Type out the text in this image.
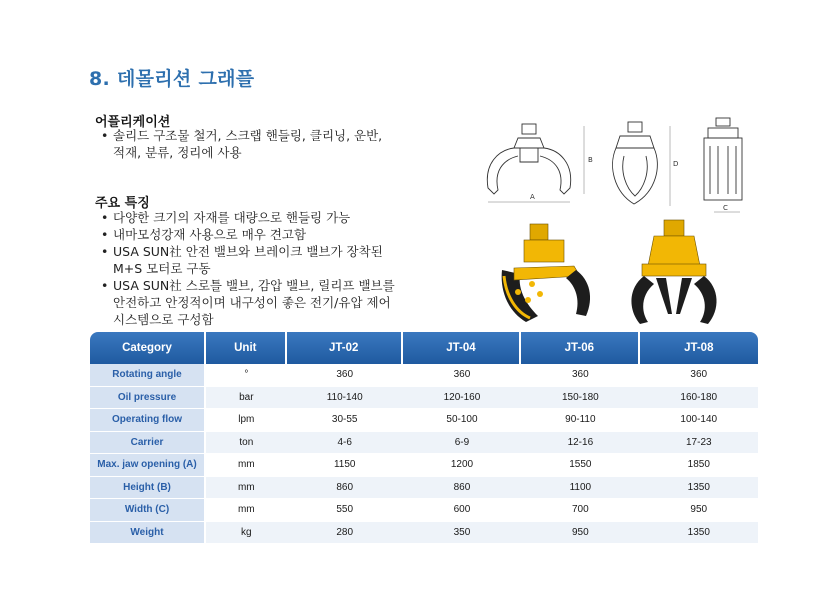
8. 데몰리션 그래플
어플리케이션
• 솔리드 구조물 철거, 스크랩 핸들링, 클리닝, 운반,
적재, 분류, 정리에 사용
주요 특징
• 다양한 크기의 자재를 대량으로 핸들링 가능
• 내마모성강재 사용으로 매우 견고함
• USA SUN社 안전 밸브와 브레이크 밸브가 장착된
M+S 모터로 구동
• USA SUN社 스로틀 밸브, 감압 밸브, 릴리프 밸브를
안전하고 안정적이며 내구성이 좋은 전기/유압 제어
시스템으로 구성함
A
B	D
C
Category	Unit	JT-02	JT-04	JT-06	JT-08
Rotating angle	°	360	360	360	360
Oil pressure	bar	110-140	120-160	150-180	160-180
Operating flow	lpm	30-55	50-100	90-110	100-140
Carrier	ton	4-6	6-9	12-16	17-23
Max. jaw opening (A)	mm	1150	1200	1550	1850
Height (B)	mm	860	860	1100	1350
Width (C)	mm	550	600	700	950
Weight	kg	280	350	950	1350
